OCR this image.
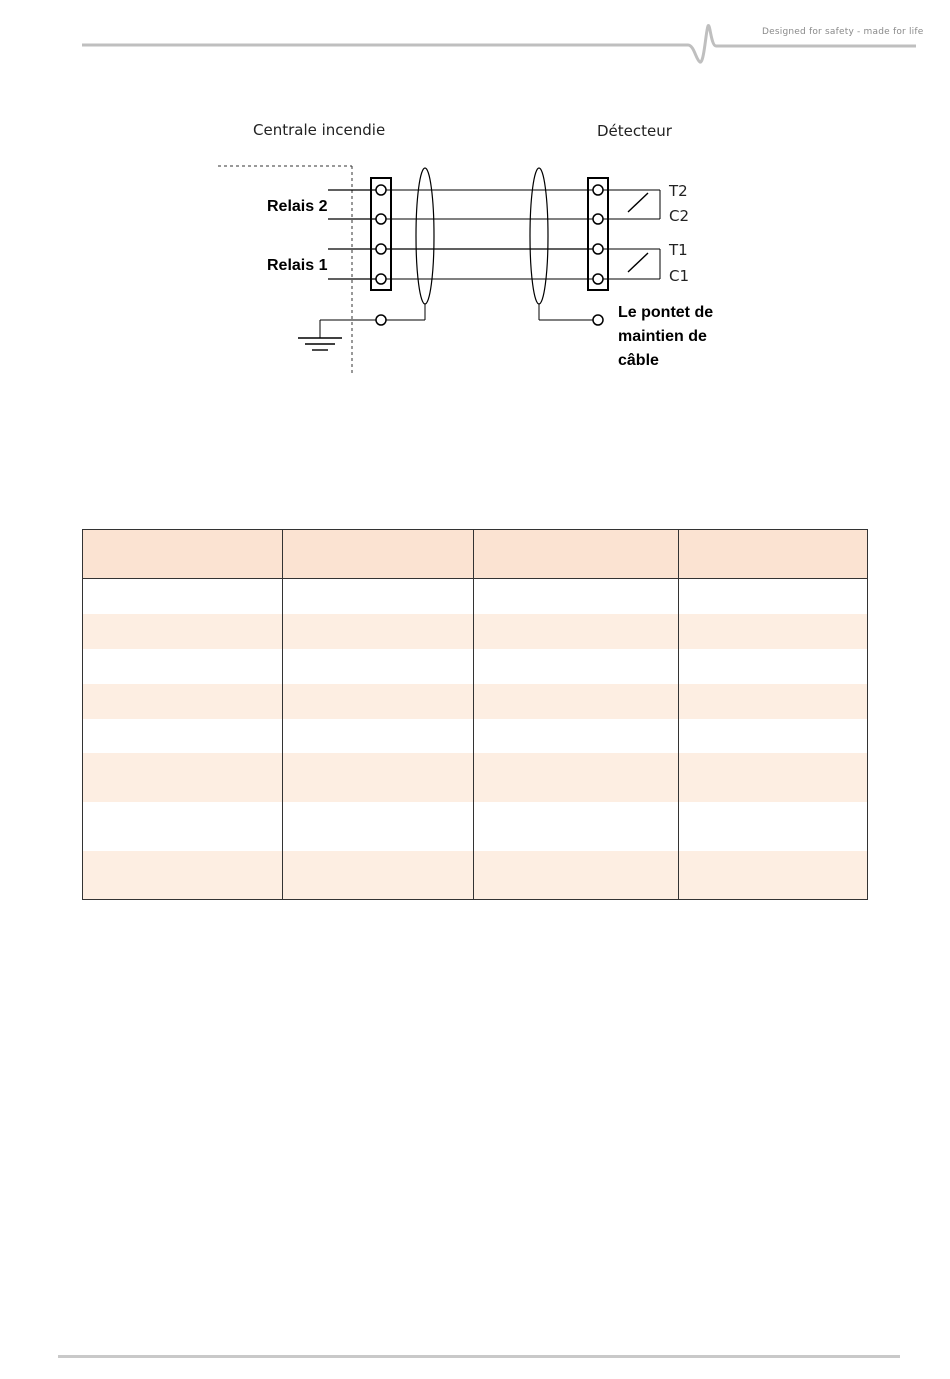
Designed for safety - made for life
Centrale incendie	Détecteur
Relais 2
Relais 1
T2
C2
T1
C1
Le pontet de
maintien de
câble
